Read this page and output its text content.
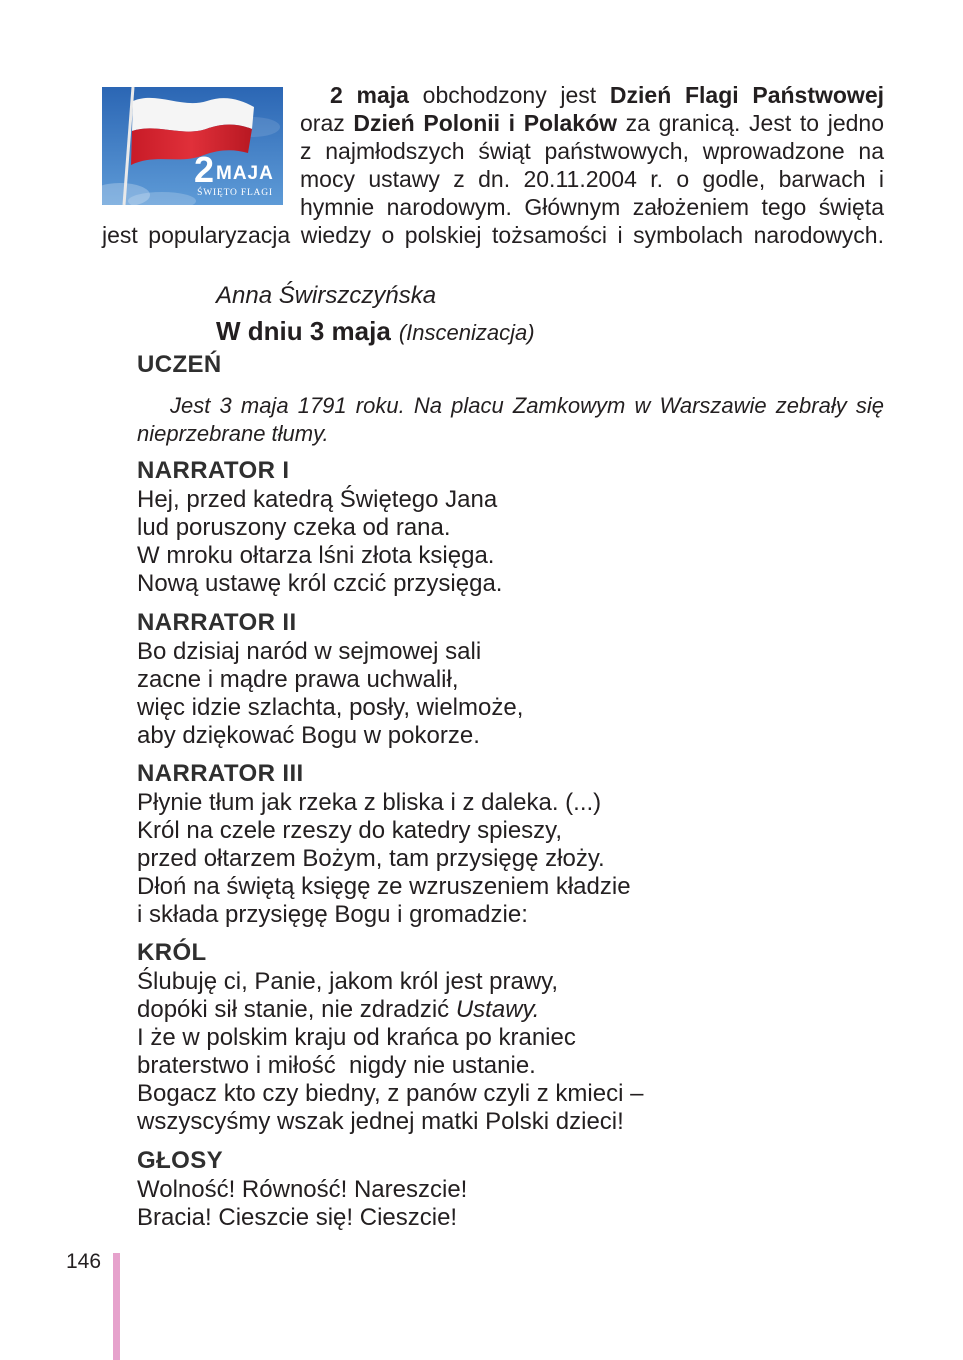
2 MAJA
ŚWIĘTO FLAGI
2 maja obchodzony jest Dzień Flagi Państwowej
oraz Dzień Polonii i Polaków za granicą. Jest to jedno
z najmłodszych świąt państwowych, wprowadzone na
mocy ustawy z dn. 20.11.2004 r. o godle, barwach i
hymnie narodowym. Głównym założeniem tego święta
jest popularyzacja wiedzy o polskiej tożsamości i symbolach narodowych.
Anna Świrszczyńska
W dniu 3 maja (Inscenizacja)
UCZEŃ
Jest 3 maja 1791 roku. Na placu Zamkowym w Warszawie zebrały się
nieprzebrane tłumy.
NARRATOR I
Hej, przed katedrą Świętego Jana
lud poruszony czeka od rana.
W mroku ołtarza lśni złota księga.
Nową ustawę król czcić przysięga.
NARRATOR II
Bo dzisiaj naród w sejmowej sali
zacne i mądre prawa uchwalił,
więc idzie szlachta, posły, wielmoże,
aby dziękować Bogu w pokorze.
NARRATOR III
Płynie tłum jak rzeka z bliska i z daleka. (...)
Król na czele rzeszy do katedry spieszy,
przed ołtarzem Bożym, tam przysięgę złoży.
Dłoń na świętą księgę ze wzruszeniem kładzie
i składa przysięgę Bogu i gromadzie:
KRÓL
Ślubuję ci, Panie, jakom król jest prawy,
dopóki sił stanie, nie zdradzić Ustawy.
I że w polskim kraju od krańca po kraniec
braterstwo i miłość  nigdy nie ustanie.
Bogacz kto czy biedny, z panów czyli z kmieci –
wszyscyśmy wszak jednej matki Polski dzieci!
GŁOSY
Wolność! Równość! Nareszcie!
Bracia! Cieszcie się! Cieszcie!
146
